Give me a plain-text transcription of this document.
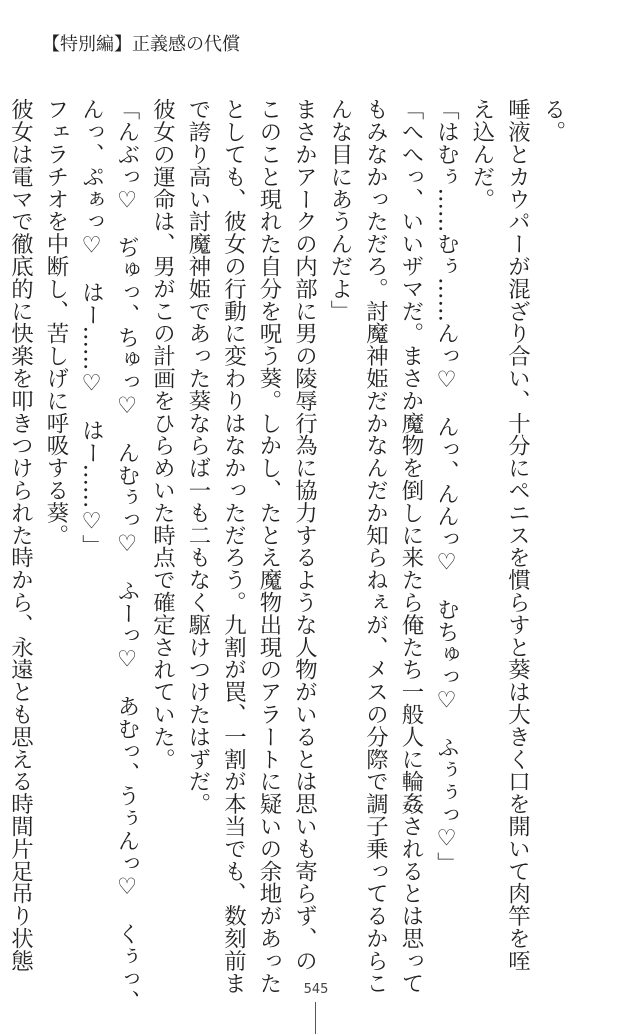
【特別編】正義感の代償
る。
唾液とカウパーが混ざり合い、十分にペニスを慣らすと葵は大きく口を開いて肉竿を咥
え込んだ。
「はむぅ……むぅ……んっ♡　んっ、んんっ♡　むちゅっ♡　ふぅぅっ♡」
「へへっ、いいザマだ。まさか魔物を倒しに来たら俺たち一般人に輪姦されるとは思って
もみなかっただろ。討魔神姫だかなんだか知らねぇが、メスの分際で調子乗ってるからこ
んな目にあうんだよ」
まさかアークの内部に男の陵辱行為に協力するような人物がいるとは思いも寄らず、の
このこと現れた自分を呪う葵。しかし、たとえ魔物出現のアラートに疑いの余地があった
としても、彼女の行動に変わりはなかっただろう。九割が罠、一割が本当でも、数刻前ま
で誇り高い討魔神姫であった葵ならば一も二もなく駆けつけたはずだ。
彼女の運命は、男がこの計画をひらめいた時点で確定されていた。
「んぶっ♡　ぢゅっ、ちゅっ♡　んむぅっ♡　ふーっ♡　あむっ、うぅんっ♡　くぅっ、
んっ、ぷぁっ♡　はー……♡　はー……♡」
フェラチオを中断し、苦しげに呼吸する葵。
彼女は電マで徹底的に快楽を叩きつけられた時から、永遠とも思える時間片足吊り状態
545
